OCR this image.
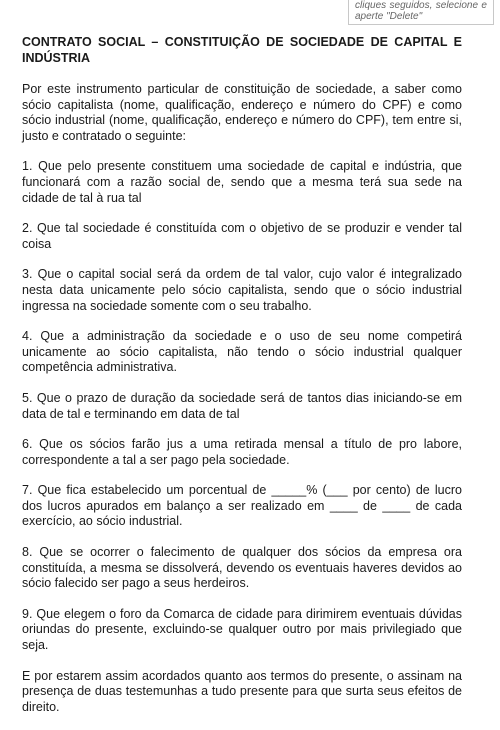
cliques seguidos, selecione e aperte "Delete"
CONTRATO SOCIAL – CONSTITUIÇÃO DE SOCIEDADE DE CAPITAL E INDÚSTRIA

Por este instrumento particular de constituição de sociedade, a saber como sócio capitalista (nome, qualificação, endereço e número do CPF) e como sócio industrial (nome, qualificação, endereço e número do CPF), tem entre si, justo e contratado o seguinte:

1. Que pelo presente constituem uma sociedade de capital e indústria, que funcionará com a razão social de, sendo que a mesma terá sua sede na cidade de tal à rua tal

2. Que tal sociedade é constituída com o objetivo de se produzir e vender tal coisa

3. Que o capital social será da ordem de tal valor, cujo valor é integralizado nesta data unicamente pelo sócio capitalista, sendo que o sócio industrial ingressa na sociedade somente com o seu trabalho.

4. Que a administração da sociedade e o uso de seu nome competirá unicamente ao sócio capitalista, não tendo o sócio industrial qualquer competência administrativa.

5. Que o prazo de duração da sociedade será de tantos dias iniciando-se em data de tal e terminando em data de tal

6. Que os sócios farão jus a uma retirada mensal a título de pro labore, correspondente a tal a ser pago pela sociedade.

7. Que fica estabelecido um porcentual de _____% (___ por cento) de lucro dos lucros apurados em balanço a ser realizado em ____ de ____ de cada exercício, ao sócio industrial.

8. Que se ocorrer o falecimento de qualquer dos sócios da empresa ora constituída, a mesma se dissolverá, devendo os eventuais haveres devidos ao sócio falecido ser pago a seus herdeiros.

9. Que elegem o foro da Comarca de cidade para dirimirem eventuais dúvidas oriundas do presente, excluindo-se qualquer outro por mais privilegiado que seja.

E por estarem assim acordados quanto aos termos do presente, o assinam na presença de duas testemunhas a tudo presente para que surta seus efeitos de direito.
